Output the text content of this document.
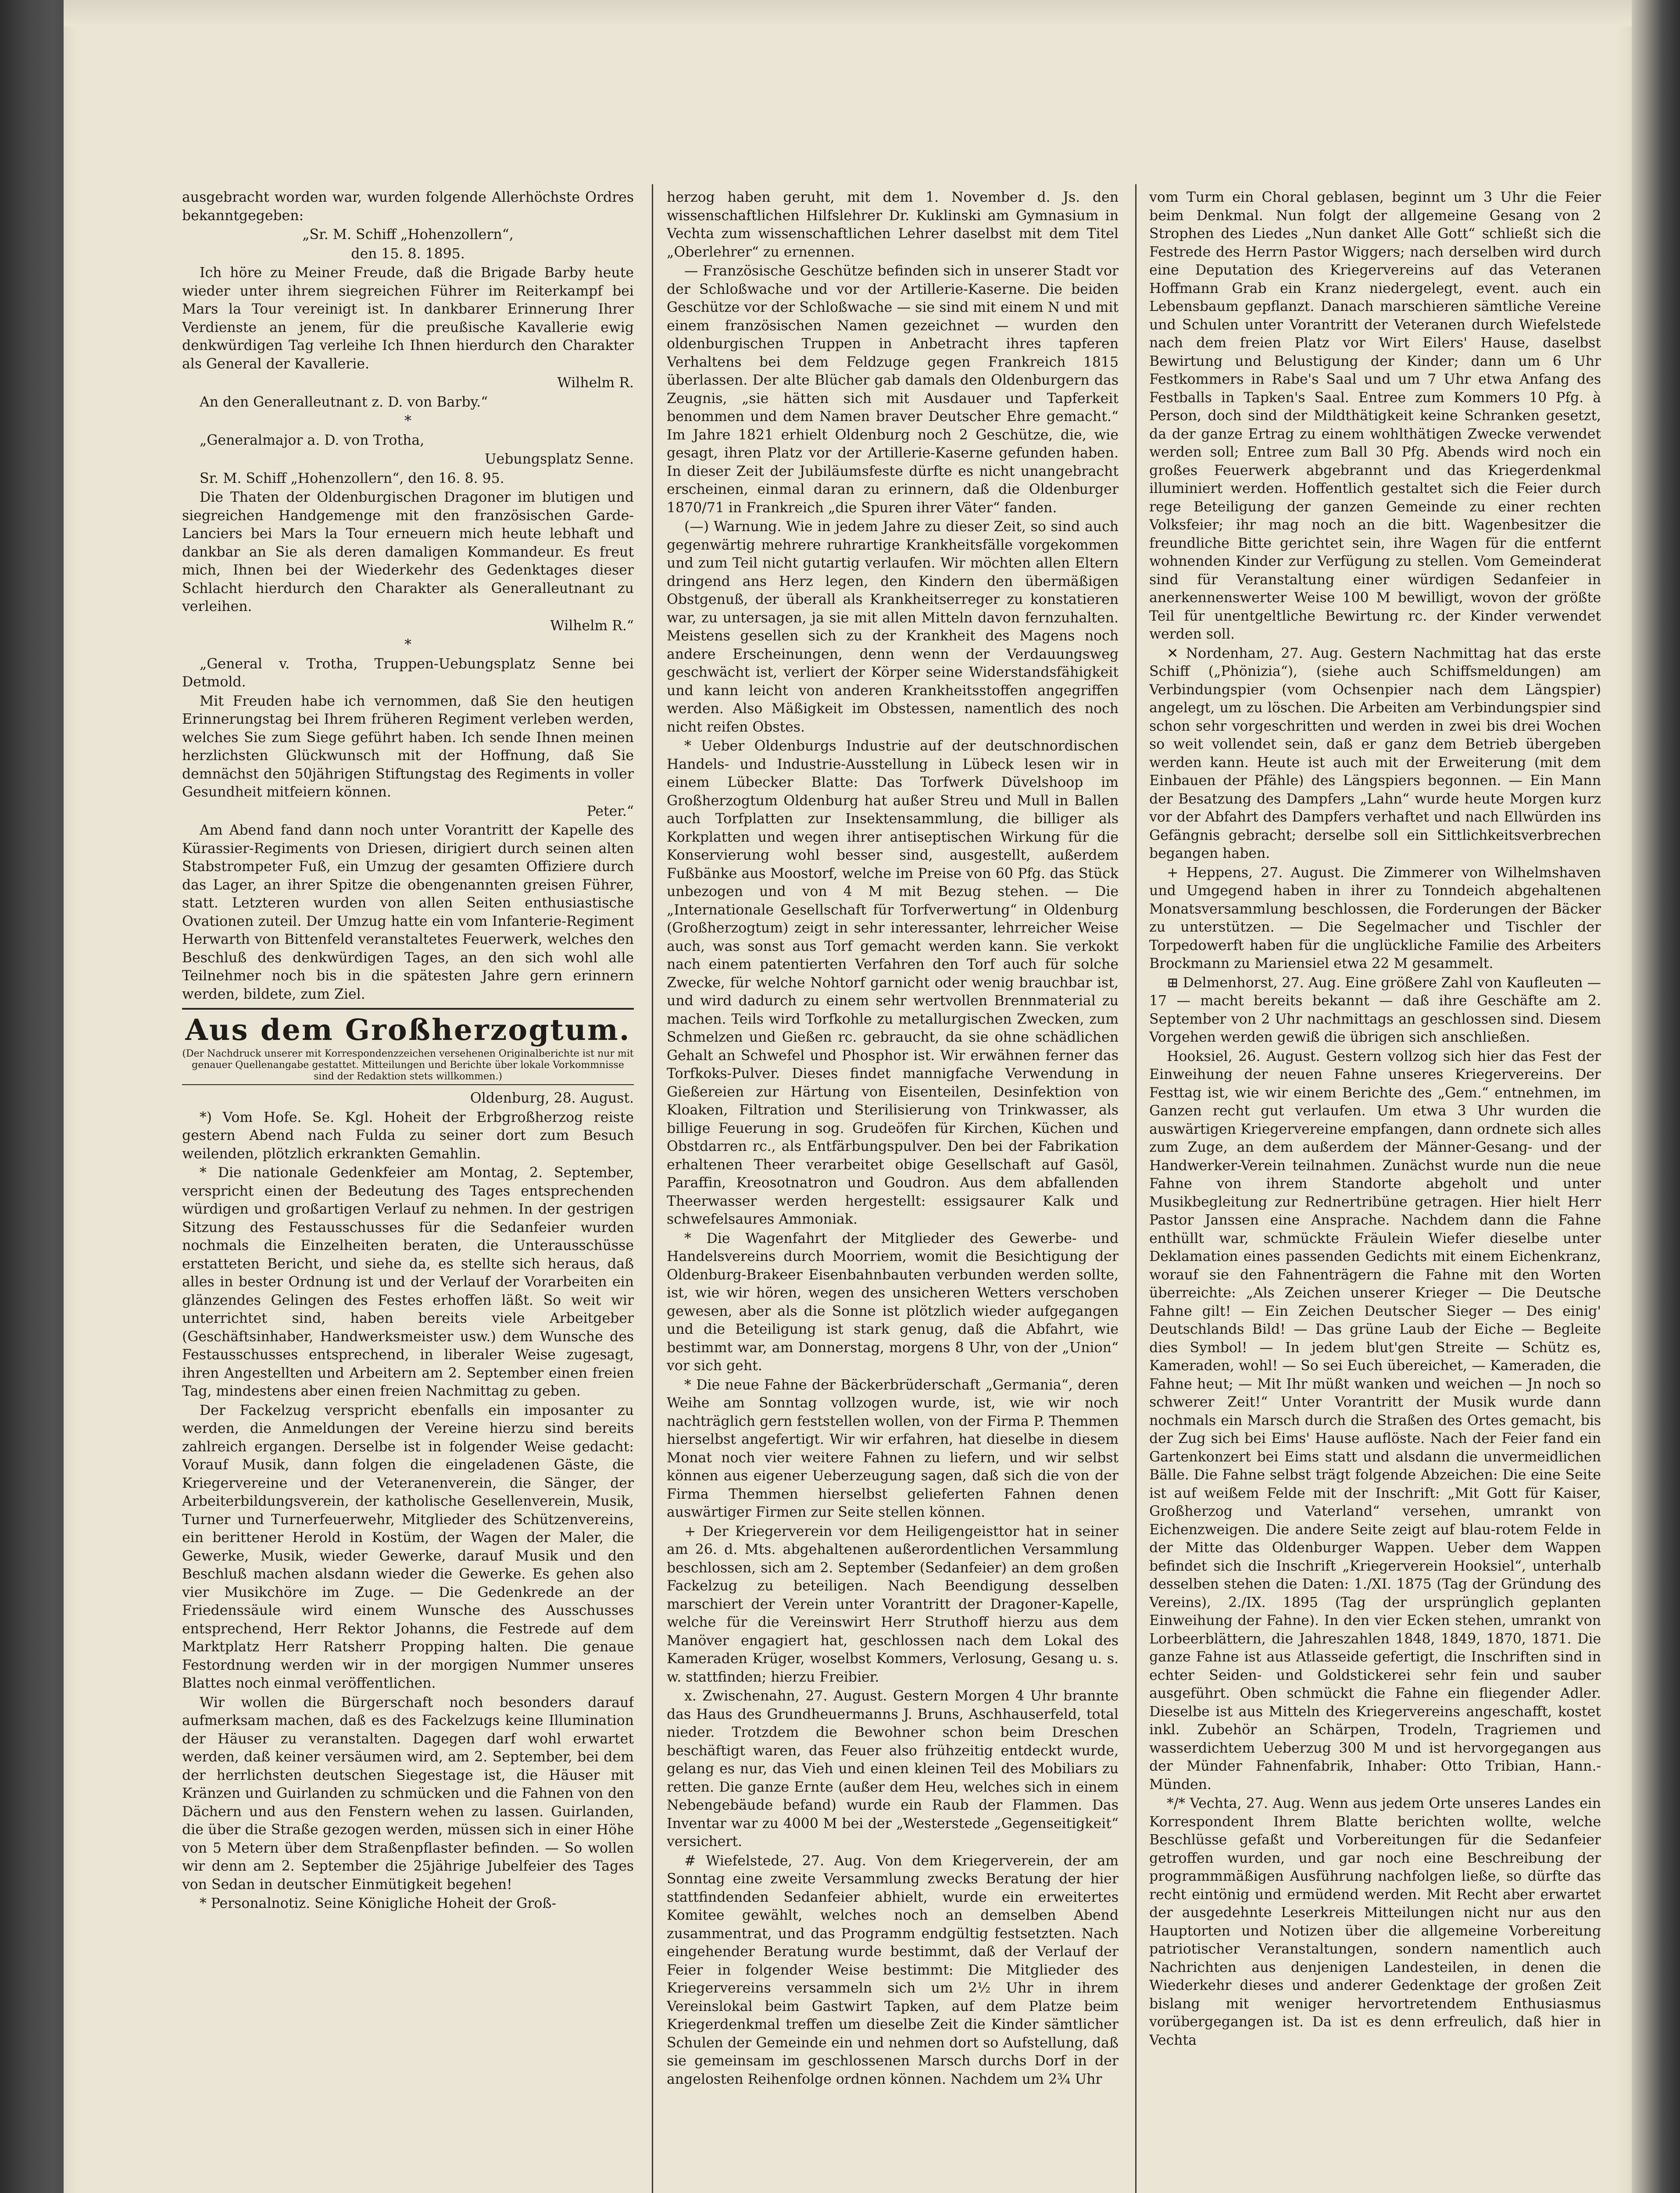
ausgebracht worden war, wurden folgende Allerhöchste Ordres bekanntgegeben:

„Sr. M. Schiff „Hohenzollern“,

den 15. 8. 1895.

Ich höre zu Meiner Freude, daß die Brigade Barby heute wieder unter ihrem siegreichen Führer im Reiterkampf bei Mars la Tour vereinigt ist. In dankbarer Erinnerung Ihrer Verdienste an jenem, für die preußische Kavallerie ewig denkwürdigen Tag verleihe Ich Ihnen hierdurch den Charakter als General der Kavallerie.

Wilhelm R.

An den Generalleutnant z. D. von Barby.“

*

„Generalmajor a. D. von Trotha,

Uebungsplatz Senne.

Sr. M. Schiff „Hohenzollern“, den 16. 8. 95.

Die Thaten der Oldenburgischen Dragoner im blutigen und siegreichen Handgemenge mit den französischen Garde-Lanciers bei Mars la Tour erneuern mich heute lebhaft und dankbar an Sie als deren damaligen Kommandeur. Es freut mich, Ihnen bei der Wiederkehr des Gedenktages dieser Schlacht hierdurch den Charakter als Generalleutnant zu verleihen.

Wilhelm R.“

*

„General v. Trotha, Truppen-Uebungsplatz Senne bei Detmold.

Mit Freuden habe ich vernommen, daß Sie den heutigen Erinnerungstag bei Ihrem früheren Regiment verleben werden, welches Sie zum Siege geführt haben. Ich sende Ihnen meinen herzlichsten Glückwunsch mit der Hoffnung, daß Sie demnächst den 50jährigen Stiftungstag des Regiments in voller Gesundheit mitfeiern können.

Peter.“

Am Abend fand dann noch unter Vorantritt der Kapelle des Kürassier-Regiments von Driesen, dirigiert durch seinen alten Stabstrompeter Fuß, ein Umzug der gesamten Offiziere durch das Lager, an ihrer Spitze die obengenannten greisen Führer, statt. Letzteren wurden von allen Seiten enthusiastische Ovationen zuteil. Der Umzug hatte ein vom Infanterie-Regiment Herwarth von Bittenfeld veranstaltetes Feuerwerk, welches den Beschluß des denkwürdigen Tages, an den sich wohl alle Teilnehmer noch bis in die spätesten Jahre gern erinnern werden, bildete, zum Ziel.

Aus dem Großherzogtum.
(Der Nachdruck unserer mit Korrespondenzzeichen versehenen Originalberichte ist nur mit genauer Quellenangabe gestattet. Mitteilungen und Berichte über lokale Vorkommnisse sind der Redaktion stets willkommen.)

Oldenburg, 28. August.

*) Vom Hofe. Se. Kgl. Hoheit der Erbgroßherzog reiste gestern Abend nach Fulda zu seiner dort zum Besuch weilenden, plötzlich erkrankten Gemahlin.

* Die nationale Gedenkfeier am Montag, 2. September, verspricht einen der Bedeutung des Tages entsprechenden würdigen und großartigen Verlauf zu nehmen. In der gestrigen Sitzung des Festausschusses für die Sedanfeier wurden nochmals die Einzelheiten beraten, die Unterausschüsse erstatteten Bericht, und siehe da, es stellte sich heraus, daß alles in bester Ordnung ist und der Verlauf der Vorarbeiten ein glänzendes Gelingen des Festes erhoffen läßt. So weit wir unterrichtet sind, haben bereits viele Arbeitgeber (Geschäftsinhaber, Handwerksmeister usw.) dem Wunsche des Festausschusses entsprechend, in liberaler Weise zugesagt, ihren Angestellten und Arbeitern am 2. September einen freien Tag, mindestens aber einen freien Nachmittag zu geben.

Der Fackelzug verspricht ebenfalls ein imposanter zu werden, die Anmeldungen der Vereine hierzu sind bereits zahlreich ergangen. Derselbe ist in folgender Weise gedacht: Vorauf Musik, dann folgen die eingeladenen Gäste, die Kriegervereine und der Veteranenverein, die Sänger, der Arbeiterbildungsverein, der katholische Gesellenverein, Musik, Turner und Turnerfeuerwehr, Mitglieder des Schützenvereins, ein berittener Herold in Kostüm, der Wagen der Maler, die Gewerke, Musik, wieder Gewerke, darauf Musik und den Beschluß machen alsdann wieder die Gewerke. Es gehen also vier Musikchöre im Zuge. — Die Gedenkrede an der Friedenssäule wird einem Wunsche des Ausschusses entsprechend, Herr Rektor Johanns, die Festrede auf dem Marktplatz Herr Ratsherr Propping halten. Die genaue Festordnung werden wir in der morgigen Nummer unseres Blattes noch einmal veröffentlichen.

Wir wollen die Bürgerschaft noch besonders darauf aufmerksam machen, daß es des Fackelzugs keine Illumination der Häuser zu veranstalten. Dagegen darf wohl erwartet werden, daß keiner versäumen wird, am 2. September, bei dem der herrlichsten deutschen Siegestage ist, die Häuser mit Kränzen und Guirlanden zu schmücken und die Fahnen von den Dächern und aus den Fenstern wehen zu lassen. Guirlanden, die über die Straße gezogen werden, müssen sich in einer Höhe von 5 Metern über dem Straßenpflaster befinden. — So wollen wir denn am 2. September die 25jährige Jubelfeier des Tages von Sedan in deutscher Einmütigkeit begehen!

* Personalnotiz. Seine Königliche Hoheit der Groß-

herzog haben geruht, mit dem 1. November d. Js. den wissenschaftlichen Hilfslehrer Dr. Kuklinski am Gymnasium in Vechta zum wissenschaftlichen Lehrer daselbst mit dem Titel „Oberlehrer“ zu ernennen.

— Französische Geschütze befinden sich in unserer Stadt vor der Schloßwache und vor der Artillerie-Kaserne. Die beiden Geschütze vor der Schloßwache — sie sind mit einem N und mit einem französischen Namen gezeichnet — wurden den oldenburgischen Truppen in Anbetracht ihres tapferen Verhaltens bei dem Feldzuge gegen Frankreich 1815 überlassen. Der alte Blücher gab damals den Oldenburgern das Zeugnis, „sie hätten sich mit Ausdauer und Tapferkeit benommen und dem Namen braver Deutscher Ehre gemacht.“ Im Jahre 1821 erhielt Oldenburg noch 2 Geschütze, die, wie gesagt, ihren Platz vor der Artillerie-Kaserne gefunden haben. In dieser Zeit der Jubiläumsfeste dürfte es nicht unangebracht erscheinen, einmal daran zu erinnern, daß die Oldenburger 1870/71 in Frankreich „die Spuren ihrer Väter“ fanden.

(—) Warnung. Wie in jedem Jahre zu dieser Zeit, so sind auch gegenwärtig mehrere ruhrartige Krankheitsfälle vorgekommen und zum Teil nicht gutartig verlaufen. Wir möchten allen Eltern dringend ans Herz legen, den Kindern den übermäßigen Obstgenuß, der überall als Krankheitserreger zu konstatieren war, zu untersagen, ja sie mit allen Mitteln davon fernzuhalten. Meistens gesellen sich zu der Krankheit des Magens noch andere Erscheinungen, denn wenn der Verdauungsweg geschwächt ist, verliert der Körper seine Widerstandsfähigkeit und kann leicht von anderen Krankheitsstoffen angegriffen werden. Also Mäßigkeit im Obstessen, namentlich des noch nicht reifen Obstes.

* Ueber Oldenburgs Industrie auf der deutschnordischen Handels- und Industrie-Ausstellung in Lübeck lesen wir in einem Lübecker Blatte: Das Torfwerk Düvelshoop im Großherzogtum Oldenburg hat außer Streu und Mull in Ballen auch Torfplatten zur Insektensammlung, die billiger als Korkplatten und wegen ihrer antiseptischen Wirkung für die Konservierung wohl besser sind, ausgestellt, außerdem Fußbänke aus Moostorf, welche im Preise von 60 Pfg. das Stück unbezogen und von 4 M mit Bezug stehen. — Die „Internationale Gesellschaft für Torfverwertung“ in Oldenburg (Großherzogtum) zeigt in sehr interessanter, lehrreicher Weise auch, was sonst aus Torf gemacht werden kann. Sie verkokt nach einem patentierten Verfahren den Torf auch für solche Zwecke, für welche Nohtorf garnicht oder wenig brauchbar ist, und wird dadurch zu einem sehr wertvollen Brennmaterial zu machen. Teils wird Torfkohle zu metallurgischen Zwecken, zum Schmelzen und Gießen rc. gebraucht, da sie ohne schädlichen Gehalt an Schwefel und Phosphor ist. Wir erwähnen ferner das Torfkoks-Pulver. Dieses findet mannigfache Verwendung in Gießereien zur Härtung von Eisenteilen, Desinfektion von Kloaken, Filtration und Sterilisierung von Trinkwasser, als billige Feuerung in sog. Grudeöfen für Kirchen, Küchen und Obstdarren rc., als Entfärbungspulver. Den bei der Fabrikation erhaltenen Theer verarbeitet obige Gesellschaft auf Gasöl, Paraffin, Kreosotnatron und Goudron. Aus dem abfallenden Theerwasser werden hergestellt: essigsaurer Kalk und schwefelsaures Ammoniak.

* Die Wagenfahrt der Mitglieder des Gewerbe- und Handelsvereins durch Moorriem, womit die Besichtigung der Oldenburg-Brakeer Eisenbahnbauten verbunden werden sollte, ist, wie wir hören, wegen des unsicheren Wetters verschoben gewesen, aber als die Sonne ist plötzlich wieder aufgegangen und die Beteiligung ist stark genug, daß die Abfahrt, wie bestimmt war, am Donnerstag, morgens 8 Uhr, von der „Union“ vor sich geht.

* Die neue Fahne der Bäckerbrüderschaft „Germania“, deren Weihe am Sonntag vollzogen wurde, ist, wie wir noch nachträglich gern feststellen wollen, von der Firma P. Themmen hierselbst angefertigt. Wir wir erfahren, hat dieselbe in diesem Monat noch vier weitere Fahnen zu liefern, und wir selbst können aus eigener Ueberzeugung sagen, daß sich die von der Firma Themmen hierselbst gelieferten Fahnen denen auswärtiger Firmen zur Seite stellen können.

+ Der Kriegerverein vor dem Heiligengeisttor hat in seiner am 26. d. Mts. abgehaltenen außerordentlichen Versammlung beschlossen, sich am 2. September (Sedanfeier) an dem großen Fackelzug zu beteiligen. Nach Beendigung desselben marschiert der Verein unter Vorantritt der Dragoner-Kapelle, welche für die Vereinswirt Herr Struthoff hierzu aus dem Manöver engagiert hat, geschlossen nach dem Lokal des Kameraden Krüger, woselbst Kommers, Verlosung, Gesang u. s. w. stattfinden; hierzu Freibier.

x. Zwischenahn, 27. August. Gestern Morgen 4 Uhr brannte das Haus des Grundheuermanns J. Bruns, Aschhauserfeld, total nieder. Trotzdem die Bewohner schon beim Dreschen beschäftigt waren, das Feuer also frühzeitig entdeckt wurde, gelang es nur, das Vieh und einen kleinen Teil des Mobiliars zu retten. Die ganze Ernte (außer dem Heu, welches sich in einem Nebengebäude befand) wurde ein Raub der Flammen. Das Inventar war zu 4000 M bei der „Westerstede „Gegenseitigkeit“ versichert.

# Wiefelstede, 27. Aug. Von dem Kriegerverein, der am Sonntag eine zweite Versammlung zwecks Beratung der hier stattfindenden Sedanfeier abhielt, wurde ein erweitertes Komitee gewählt, welches noch an demselben Abend zusammentrat, und das Programm endgültig festsetzten. Nach eingehender Beratung wurde bestimmt, daß der Verlauf der Feier in folgender Weise bestimmt: Die Mitglieder des Kriegervereins versammeln sich um 2½ Uhr in ihrem Vereinslokal beim Gastwirt Tapken, auf dem Platze beim Kriegerdenkmal treffen um dieselbe Zeit die Kinder sämtlicher Schulen der Gemeinde ein und nehmen dort so Aufstellung, daß sie gemeinsam im geschlossenen Marsch durchs Dorf in der angelosten Reihenfolge ordnen können. Nachdem um 2¾ Uhr

vom Turm ein Choral geblasen, beginnt um 3 Uhr die Feier beim Denkmal. Nun folgt der allgemeine Gesang von 2 Strophen des Liedes „Nun danket Alle Gott“ schließt sich die Festrede des Herrn Pastor Wiggers; nach derselben wird durch eine Deputation des Kriegervereins auf das Veteranen Hoffmann Grab ein Kranz niedergelegt, event. auch ein Lebensbaum gepflanzt. Danach marschieren sämtliche Vereine und Schulen unter Vorantritt der Veteranen durch Wiefelstede nach dem freien Platz vor Wirt Eilers' Hause, daselbst Bewirtung und Belustigung der Kinder; dann um 6 Uhr Festkommers in Rabe's Saal und um 7 Uhr etwa Anfang des Festballs in Tapken's Saal. Entree zum Kommers 10 Pfg. à Person, doch sind der Mildthätigkeit keine Schranken gesetzt, da der ganze Ertrag zu einem wohlthätigen Zwecke verwendet werden soll; Entree zum Ball 30 Pfg. Abends wird noch ein großes Feuerwerk abgebrannt und das Kriegerdenkmal illuminiert werden. Hoffentlich gestaltet sich die Feier durch rege Beteiligung der ganzen Gemeinde zu einer rechten Volksfeier; ihr mag noch an die bitt. Wagenbesitzer die freundliche Bitte gerichtet sein, ihre Wagen für die entfernt wohnenden Kinder zur Verfügung zu stellen. Vom Gemeinderat sind für Veranstaltung einer würdigen Sedanfeier in anerkennenswerter Weise 100 M bewilligt, wovon der größte Teil für unentgeltliche Bewirtung rc. der Kinder verwendet werden soll.

✕ Nordenham, 27. Aug. Gestern Nachmittag hat das erste Schiff („Phönizia“), (siehe auch Schiffsmeldungen) am Verbindungspier (vom Ochsenpier nach dem Längspier) angelegt, um zu löschen. Die Arbeiten am Verbindungspier sind schon sehr vorgeschritten und werden in zwei bis drei Wochen so weit vollendet sein, daß er ganz dem Betrieb übergeben werden kann. Heute ist auch mit der Erweiterung (mit dem Einbauen der Pfähle) des Längspiers begonnen. — Ein Mann der Besatzung des Dampfers „Lahn“ wurde heute Morgen kurz vor der Abfahrt des Dampfers verhaftet und nach Ellwürden ins Gefängnis gebracht; derselbe soll ein Sittlichkeitsverbrechen begangen haben.

+ Heppens, 27. August. Die Zimmerer von Wilhelmshaven und Umgegend haben in ihrer zu Tonndeich abgehaltenen Monatsversammlung beschlossen, die Forderungen der Bäcker zu unterstützen. — Die Segelmacher und Tischler der Torpedowerft haben für die unglückliche Familie des Arbeiters Brockmann zu Mariensiel etwa 22 M gesammelt.

⊞ Delmenhorst, 27. Aug. Eine größere Zahl von Kaufleuten — 17 — macht bereits bekannt — daß ihre Geschäfte am 2. September von 2 Uhr nachmittags an geschlossen sind. Diesem Vorgehen werden gewiß die übrigen sich anschließen.

Hooksiel, 26. August. Gestern vollzog sich hier das Fest der Einweihung der neuen Fahne unseres Kriegervereins. Der Festtag ist, wie wir einem Berichte des „Gem.“ entnehmen, im Ganzen recht gut verlaufen. Um etwa 3 Uhr wurden die auswärtigen Kriegervereine empfangen, dann ordnete sich alles zum Zuge, an dem außerdem der Männer-Gesang- und der Handwerker-Verein teilnahmen. Zunächst wurde nun die neue Fahne von ihrem Standorte abgeholt und unter Musikbegleitung zur Rednertribüne getragen. Hier hielt Herr Pastor Janssen eine Ansprache. Nachdem dann die Fahne enthüllt war, schmückte Fräulein Wiefer dieselbe unter Deklamation eines passenden Gedichts mit einem Eichenkranz, worauf sie den Fahnenträgern die Fahne mit den Worten überreichte: „Als Zeichen unserer Krieger — Die Deutsche Fahne gilt! — Ein Zeichen Deutscher Sieger — Des einig' Deutschlands Bild! — Das grüne Laub der Eiche — Begleite dies Symbol! — In jedem blut'gen Streite — Schütz es, Kameraden, wohl! — So sei Euch übereichet, — Kameraden, die Fahne heut; — Mit Ihr müßt wanken und weichen — Jn noch so schwerer Zeit!“ Unter Vorantritt der Musik wurde dann nochmals ein Marsch durch die Straßen des Ortes gemacht, bis der Zug sich bei Eims' Hause auflöste. Nach der Feier fand ein Gartenkonzert bei Eims statt und alsdann die unvermeidlichen Bälle. Die Fahne selbst trägt folgende Abzeichen: Die eine Seite ist auf weißem Felde mit der Inschrift: „Mit Gott für Kaiser, Großherzog und Vaterland“ versehen, umrankt von Eichenzweigen. Die andere Seite zeigt auf blau-rotem Felde in der Mitte das Oldenburger Wappen. Ueber dem Wappen befindet sich die Inschrift „Kriegerverein Hooksiel“, unterhalb desselben stehen die Daten: 1./XI. 1875 (Tag der Gründung des Vereins), 2./IX. 1895 (Tag der ursprünglich geplanten Einweihung der Fahne). In den vier Ecken stehen, umrankt von Lorbeerblättern, die Jahreszahlen 1848, 1849, 1870, 1871. Die ganze Fahne ist aus Atlasseide gefertigt, die Inschriften sind in echter Seiden- und Goldstickerei sehr fein und sauber ausgeführt. Oben schmückt die Fahne ein fliegender Adler. Dieselbe ist aus Mitteln des Kriegervereins angeschafft, kostet inkl. Zubehör an Schärpen, Trodeln, Tragriemen und wasserdichtem Ueberzug 300 M und ist hervorgegangen aus der Münder Fahnenfabrik, Inhaber: Otto Tribian, Hann.-Münden.

*/* Vechta, 27. Aug. Wenn aus jedem Orte unseres Landes ein Korrespondent Ihrem Blatte berichten wollte, welche Beschlüsse gefaßt und Vorbereitungen für die Sedanfeier getroffen wurden, und gar noch eine Beschreibung der programmmäßigen Ausführung nachfolgen ließe, so dürfte das recht eintönig und ermüdend werden. Mit Recht aber erwartet der ausgedehnte Leserkreis Mitteilungen nicht nur aus den Hauptorten und Notizen über die allgemeine Vorbereitung patriotischer Veranstaltungen, sondern namentlich auch Nachrichten aus denjenigen Landesteilen, in denen die Wiederkehr dieses und anderer Gedenktage der großen Zeit bislang mit weniger hervortretendem Enthusiasmus vorübergegangen ist. Da ist es denn erfreulich, daß hier in Vechta
